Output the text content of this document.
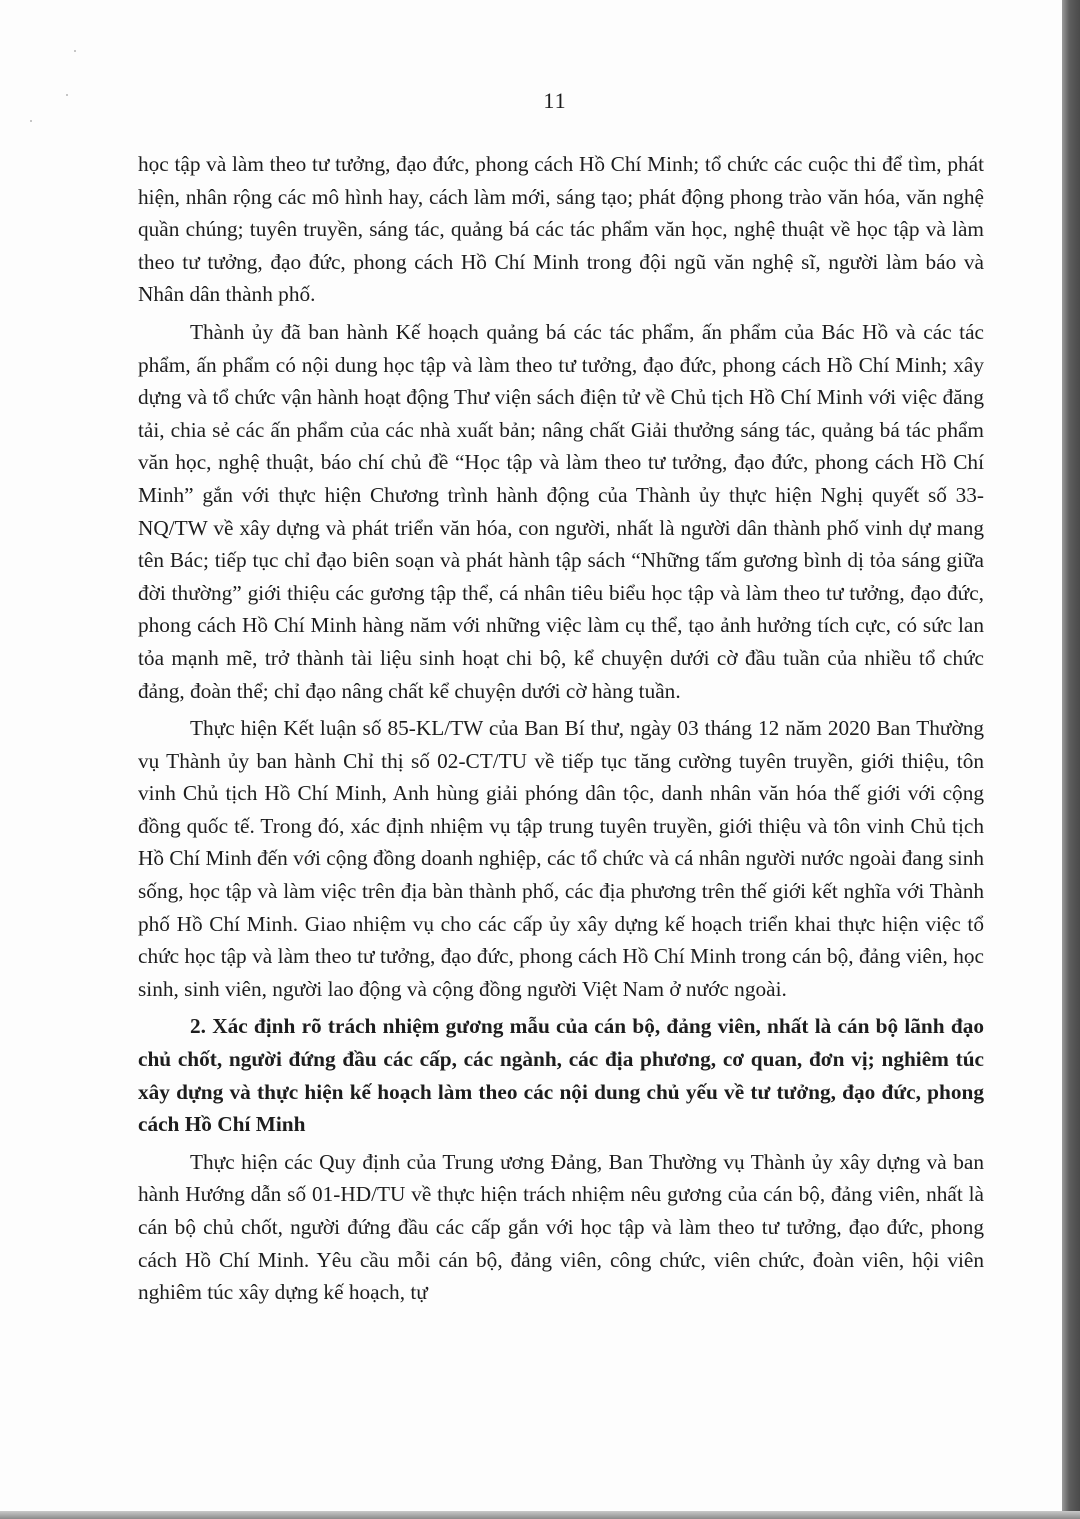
11

học tập và làm theo tư tưởng, đạo đức, phong cách Hồ Chí Minh; tổ chức các cuộc thi để tìm, phát hiện, nhân rộng các mô hình hay, cách làm mới, sáng tạo; phát động phong trào văn hóa, văn nghệ quần chúng; tuyên truyền, sáng tác, quảng bá các tác phẩm văn học, nghệ thuật về học tập và làm theo tư tưởng, đạo đức, phong cách Hồ Chí Minh trong đội ngũ văn nghệ sĩ, người làm báo và Nhân dân thành phố.

Thành ủy đã ban hành Kế hoạch quảng bá các tác phẩm, ấn phẩm của Bác Hồ và các tác phẩm, ấn phẩm có nội dung học tập và làm theo tư tưởng, đạo đức, phong cách Hồ Chí Minh; xây dựng và tổ chức vận hành hoạt động Thư viện sách điện tử về Chủ tịch Hồ Chí Minh với việc đăng tải, chia sẻ các ấn phẩm của các nhà xuất bản; nâng chất Giải thưởng sáng tác, quảng bá tác phẩm văn học, nghệ thuật, báo chí chủ đề “Học tập và làm theo tư tưởng, đạo đức, phong cách Hồ Chí Minh” gắn với thực hiện Chương trình hành động của Thành ủy thực hiện Nghị quyết số 33-NQ/TW về xây dựng và phát triển văn hóa, con người, nhất là người dân thành phố vinh dự mang tên Bác; tiếp tục chỉ đạo biên soạn và phát hành tập sách “Những tấm gương bình dị tỏa sáng giữa đời thường” giới thiệu các gương tập thể, cá nhân tiêu biểu học tập và làm theo tư tưởng, đạo đức, phong cách Hồ Chí Minh hàng năm với những việc làm cụ thể, tạo ảnh hưởng tích cực, có sức lan tỏa mạnh mẽ, trở thành tài liệu sinh hoạt chi bộ, kể chuyện dưới cờ đầu tuần của nhiều tổ chức đảng, đoàn thể; chỉ đạo nâng chất kể chuyện dưới cờ hàng tuần.

Thực hiện Kết luận số 85-KL/TW của Ban Bí thư, ngày 03 tháng 12 năm 2020 Ban Thường vụ Thành ủy ban hành Chỉ thị số 02-CT/TU về tiếp tục tăng cường tuyên truyền, giới thiệu, tôn vinh Chủ tịch Hồ Chí Minh, Anh hùng giải phóng dân tộc, danh nhân văn hóa thế giới với cộng đồng quốc tế. Trong đó, xác định nhiệm vụ tập trung tuyên truyền, giới thiệu và tôn vinh Chủ tịch Hồ Chí Minh đến với cộng đồng doanh nghiệp, các tổ chức và cá nhân người nước ngoài đang sinh sống, học tập và làm việc trên địa bàn thành phố, các địa phương trên thế giới kết nghĩa với Thành phố Hồ Chí Minh. Giao nhiệm vụ cho các cấp ủy xây dựng kế hoạch triển khai thực hiện việc tổ chức học tập và làm theo tư tưởng, đạo đức, phong cách Hồ Chí Minh trong cán bộ, đảng viên, học sinh, sinh viên, người lao động và cộng đồng người Việt Nam ở nước ngoài.

2. Xác định rõ trách nhiệm gương mẫu của cán bộ, đảng viên, nhất là cán bộ lãnh đạo chủ chốt, người đứng đầu các cấp, các ngành, các địa phương, cơ quan, đơn vị; nghiêm túc xây dựng và thực hiện kế hoạch làm theo các nội dung chủ yếu về tư tưởng, đạo đức, phong cách Hồ Chí Minh

Thực hiện các Quy định của Trung ương Đảng, Ban Thường vụ Thành ủy xây dựng và ban hành Hướng dẫn số 01-HD/TU về thực hiện trách nhiệm nêu gương của cán bộ, đảng viên, nhất là cán bộ chủ chốt, người đứng đầu các cấp gắn với học tập và làm theo tư tưởng, đạo đức, phong cách Hồ Chí Minh. Yêu cầu mỗi cán bộ, đảng viên, công chức, viên chức, đoàn viên, hội viên nghiêm túc xây dựng kế hoạch, tự
